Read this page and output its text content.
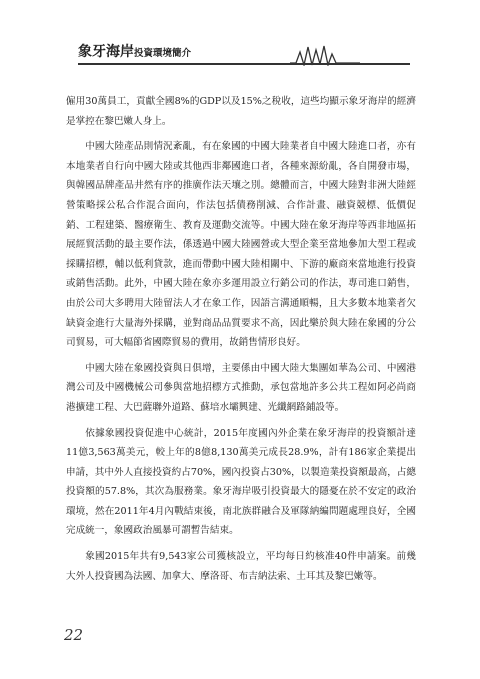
象牙海岸投資環境簡介

僱用30萬員工，貢獻全國8%的GDP以及15%之稅收，這些均顯示象牙海岸的經濟是掌控在黎巴嫩人身上。

中國大陸產品則情況紊亂，有在象國的中國大陸業者自中國大陸進口者，亦有本地業者自行向中國大陸或其他西非鄰國進口者，各種來源紛亂，各自開發市場，與韓國品牌產品井然有序的推廣作法天壤之別。總體而言，中國大陸對非洲大陸經營策略採公私合作混合面向，作法包括債務削減、合作計畫、融資競標、低價促銷、工程建築、醫療衛生、教育及運動交流等。中國大陸在象牙海岸等西非地區拓展經貿活動的最主要作法，係透過中國大陸國營或大型企業至當地參加大型工程或採購招標，輔以低利貸款，進而帶動中國大陸相關中、下游的廠商來當地進行投資或銷售活動。此外，中國大陸在象亦多運用設立行銷公司的作法，專司進口銷售，由於公司大多聘用大陸留法人才在象工作，因語言溝通順暢，且大多數本地業者欠缺資金進行大量海外採購，並對商品品質要求不高，因此樂於與大陸在象國的分公司貿易，可大幅節省國際貿易的費用，故銷售情形良好。

中國大陸在象國投資與日俱增，主要係由中國大陸大集團如華為公司、中國港灣公司及中國機械公司參與當地招標方式推動，承包當地許多公共工程如阿必尚商港擴建工程、大巴薩聯外道路、蘇培水壩興建、光纖網路鋪設等。

依據象國投資促進中心統計，2015年度國內外企業在象牙海岸的投資額計達11億3,563萬美元，較上年的8億8,130萬美元成長28.9%，計有186家企業提出申請，其中外人直接投資約占70%，國內投資占30%，以製造業投資額最高，占總投資額的57.8%，其次為服務業。象牙海岸吸引投資最大的隱憂在於不安定的政治環境，然在2011年4月內戰結束後，南北族群融合及軍隊納編問題處理良好，全國完成統一，象國政治風暴可謂暫告結束。

象國2015年共有9,543家公司獲核設立，平均每日約核准40件申請案。前幾大外人投資國為法國、加拿大、摩洛哥、布吉納法索、土耳其及黎巴嫩等。

22
